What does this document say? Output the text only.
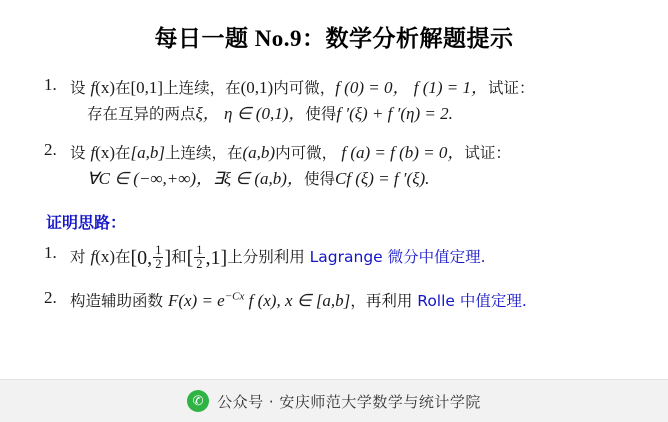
每日一题 No.9：数学分析解题提示
1. 设 f(x)在[0,1]上连续，在(0,1)内可微，f (0) = 0， f (1) = 1，试证：
存在互异的两点ξ， η ∈ (0,1)，使得f ′(ξ) + f ′(η) = 2.
2. 设 f(x)在[a,b]上连续，在(a,b)内可微， f (a) = f (b) = 0，试证：
∀C ∈ (−∞,+∞)，∃ξ ∈ (a,b)，使得Cf (ξ) = f ′(ξ).
证明思路：
1. 对 f(x)在[0, $\frac{1}{2}$ ]和[ $\frac{1}{2} ,1$]上分别利用 Lagrange 微分中值定理.
2. 构造辅助函数 $F(x) = e^{-Cx}$ f (x), x ∈ [a,b]，再利用 Rolle 中值定理.
✆ 公众号 · 安庆师范大学数学与统计学院
